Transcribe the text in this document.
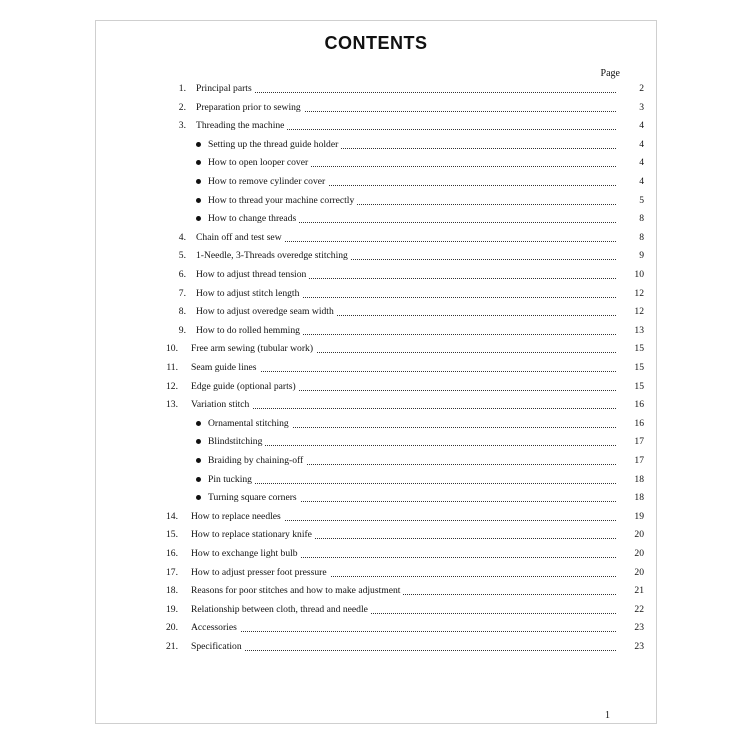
CONTENTS
Page
1. Principal parts	2
2. Preparation prior to sewing	3
3. Threading the machine	4
Setting up the thread guide holder	4
How to open looper cover	4
How to remove cylinder cover	4
How to thread your machine correctly	5
How to change threads	8
4. Chain off and test sew	8
5. 1-Needle, 3-Threads overedge stitching	9
6. How to adjust thread tension	10
7. How to adjust stitch length	12
8. How to adjust overedge seam width	12
9. How to do rolled hemming	13
10. Free arm sewing (tubular work)	15
11. Seam guide lines	15
12. Edge guide (optional parts)	15
13. Variation stitch	16
Ornamental stitching	16
Blindstitching	17
Braiding by chaining-off	17
Pin tucking	18
Turning square corners	18
14. How to replace needles	19
15. How to replace stationary knife	20
16. How to exchange light bulb	20
17. How to adjust presser foot pressure	20
18. Reasons for poor stitches and how to make adjustment	21
19. Relationship between cloth, thread and needle	22
20. Accessories	23
21. Specification	23
1
